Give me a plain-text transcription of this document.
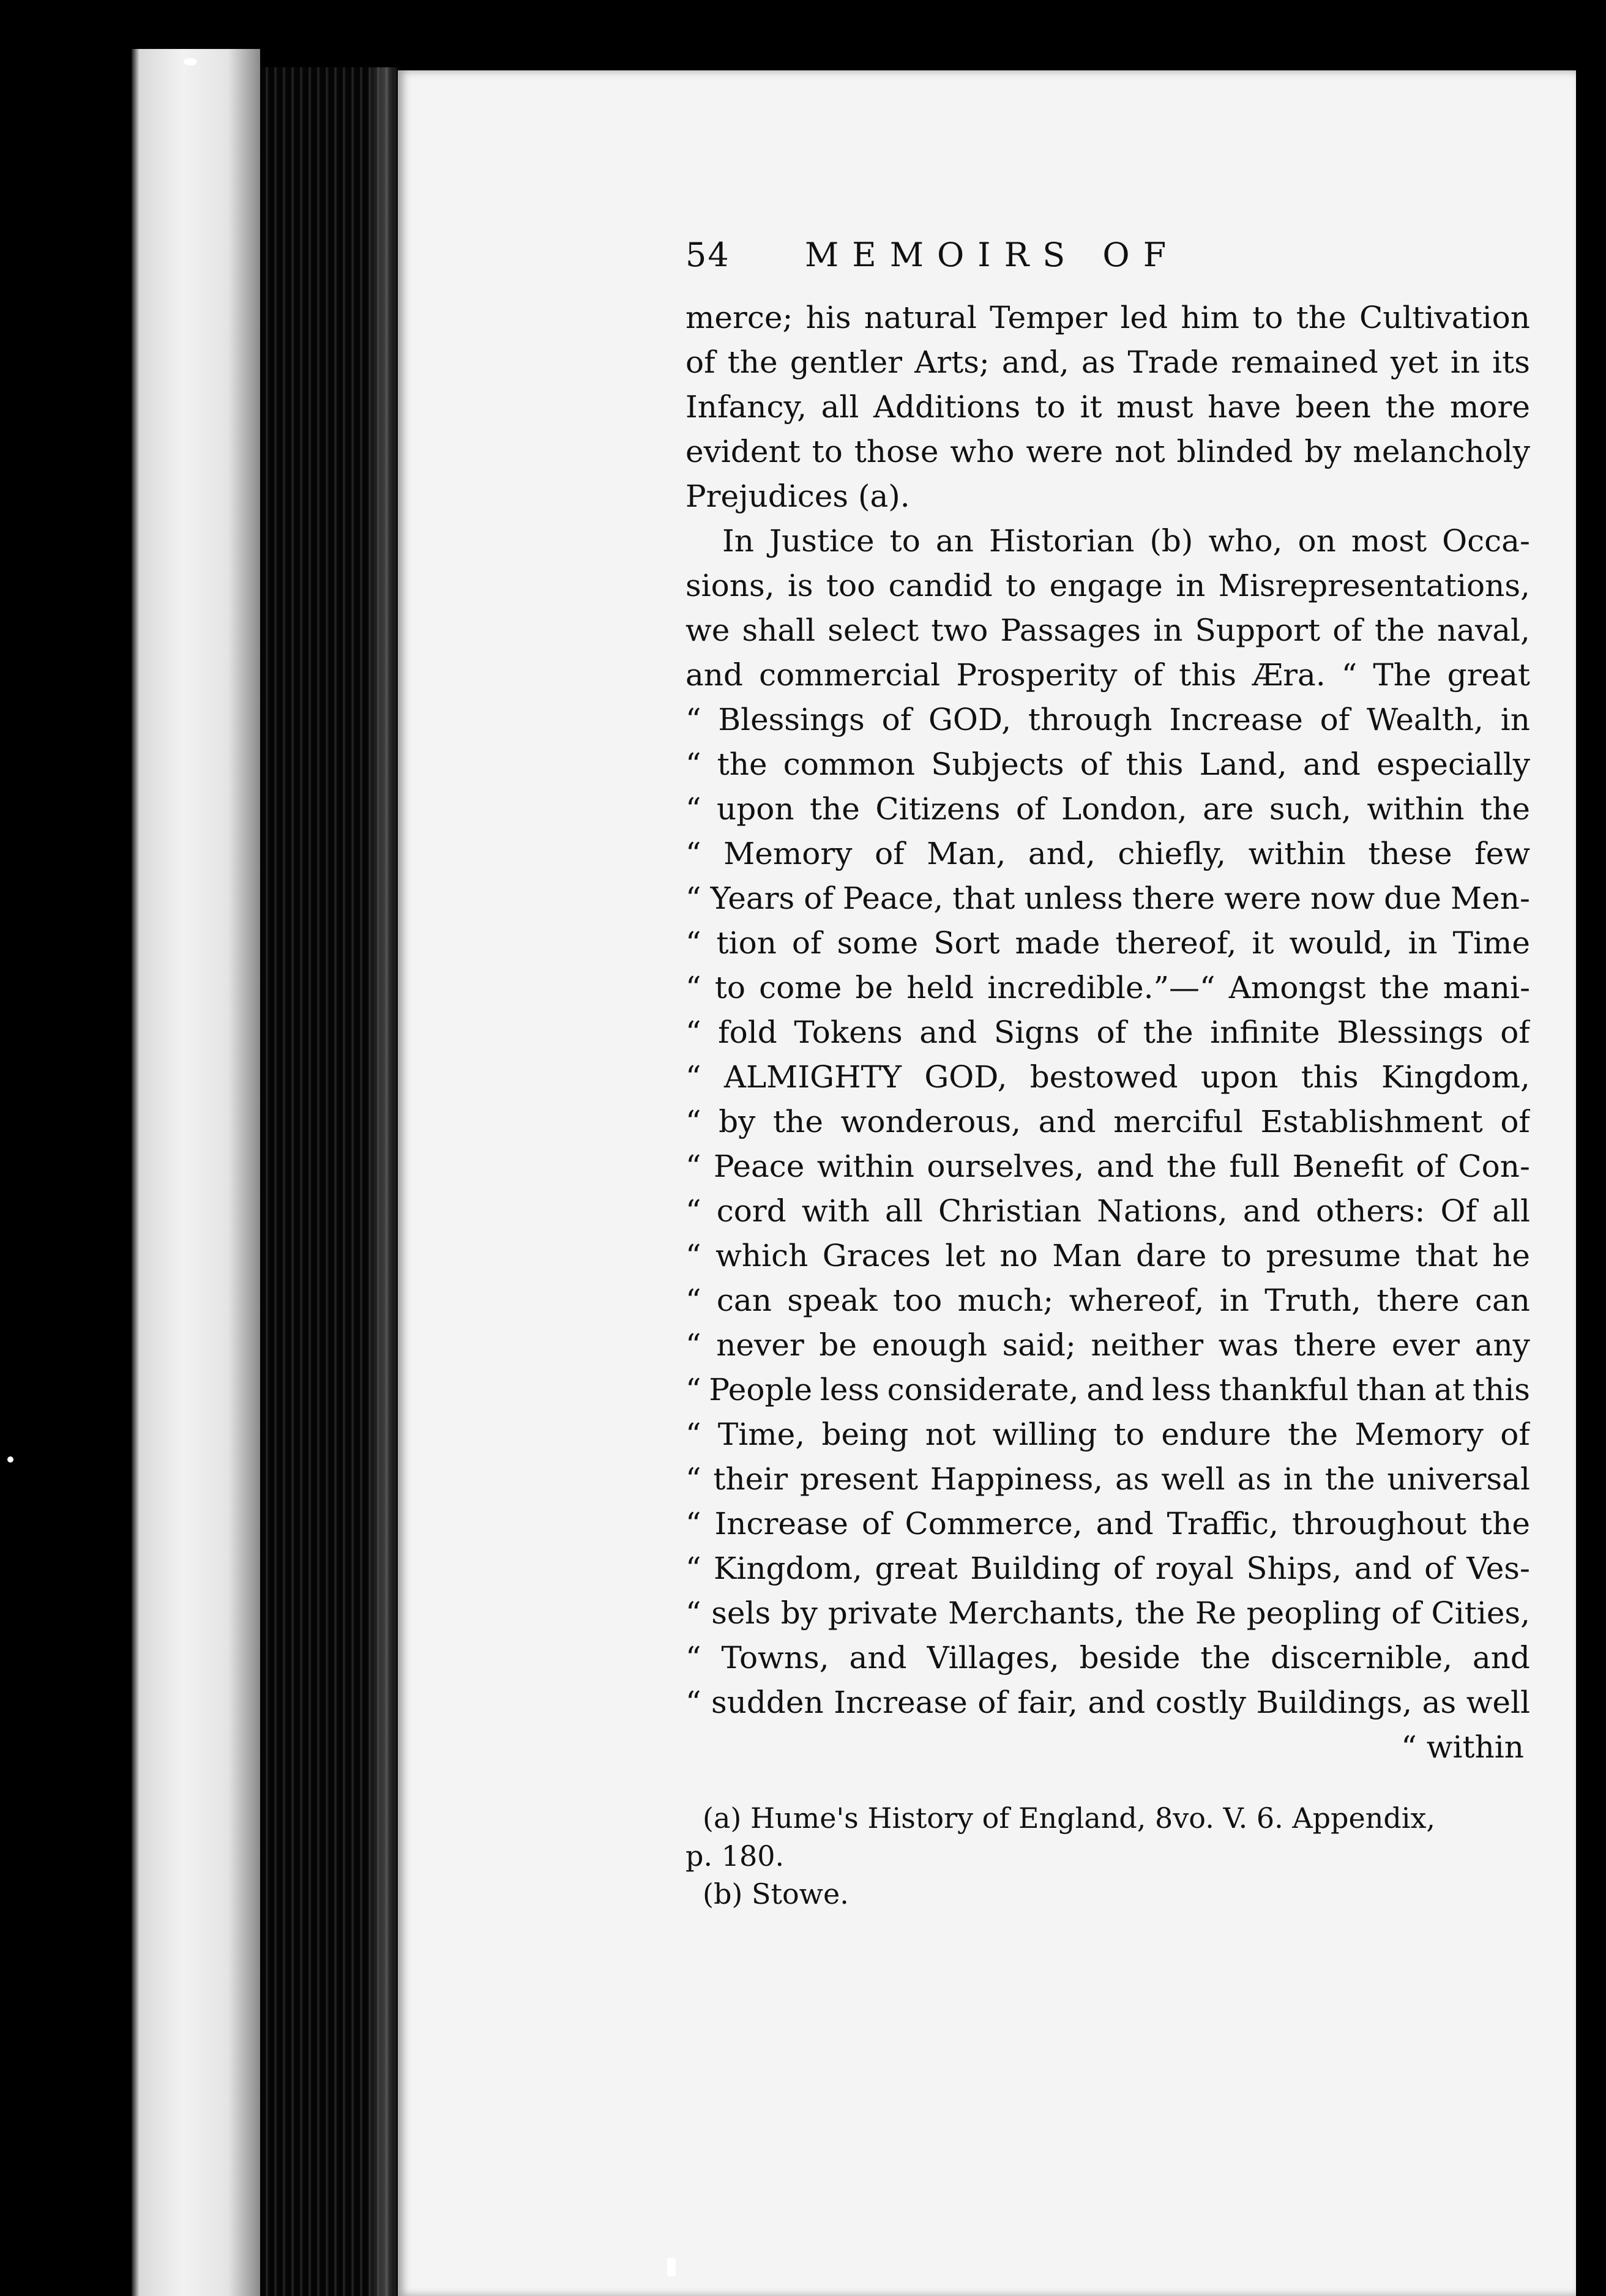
54 MEMOIRS OF
merce; his natural Temper led him to the Cultivation
of the gentler Arts; and, as Trade remained yet in its
Infancy, all Additions to it must have been the more
evident to those who were not blinded by melancholy
Prejudices (a).
In Justice to an Historian (b) who, on most Occa-
sions, is too candid to engage in Misrepresentations,
we shall select two Passages in Support of the naval,
and commercial Prosperity of this Æra. “ The great
“ Blessings of GOD, through Increase of Wealth, in
“ the common Subjects of this Land, and especially
“ upon the Citizens of London, are such, within the
“ Memory of Man, and, chiefly, within these few
“ Years of Peace, that unless there were now due Men-
“ tion of some Sort made thereof, it would, in Time
“ to come be held incredible.”—“ Amongst the mani-
“ fold Tokens and Signs of the infinite Blessings of
“ ALMIGHTY GOD, bestowed upon this Kingdom,
“ by the wonderous, and merciful Establishment of
“ Peace within ourselves, and the full Benefit of Con-
“ cord with all Christian Nations, and others: Of all
“ which Graces let no Man dare to presume that he
“ can speak too much; whereof, in Truth, there can
“ never be enough said; neither was there ever any
“ People less considerate, and less thankful than at this
“ Time, being not willing to endure the Memory of
“ their present Happiness, as well as in the universal
“ Increase of Commerce, and Traffic, throughout the
“ Kingdom, great Building of royal Ships, and of Ves-
“ sels by private Merchants, the Re peopling of Cities,
“ Towns, and Villages, beside the discernible, and
“ sudden Increase of fair, and costly Buildings, as well
“ within
(a) Hume's History of England, 8vo. V. 6. Appendix,
p. 180.
(b) Stowe.
